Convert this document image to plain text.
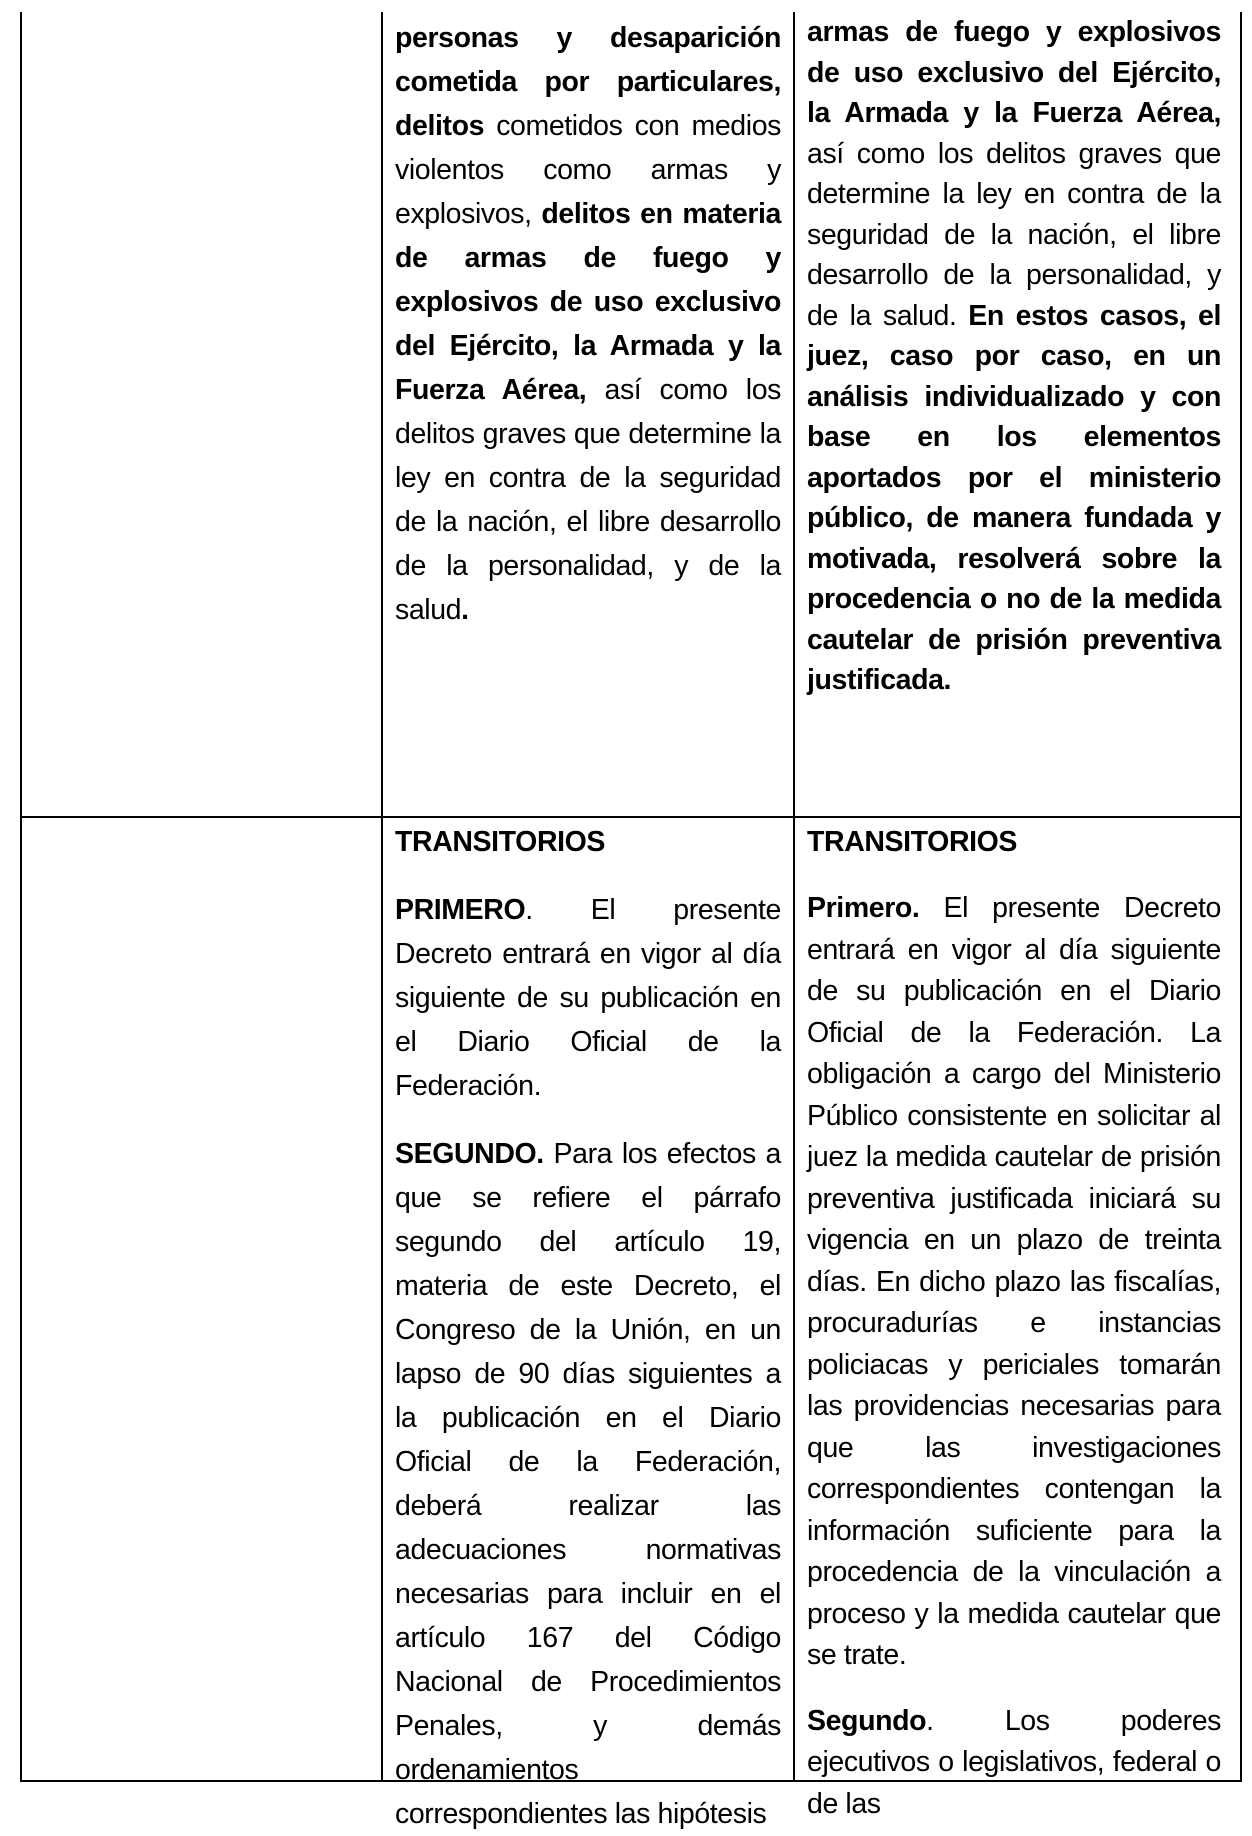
personas y desaparición cometida por particulares, delitos cometidos con medios violentos como armas y explosivos, delitos en materia de armas de fuego y explosivos de uso exclusivo del Ejército, la Armada y la Fuerza Aérea, así como los delitos graves que determine la ley en contra de la seguridad de la nación, el libre desarrollo de la personalidad, y de la salud.

armas de fuego y explosivos de uso exclusivo del Ejército, la Armada y la Fuerza Aérea, así como los delitos graves que determine la ley en contra de la seguridad de la nación, el libre desarrollo de la personalidad, y de la salud. En estos casos, el juez, caso por caso, en un análisis individualizado y con base en los elementos aportados por el ministerio público, de manera fundada y motivada, resolverá sobre la procedencia o no de la medida cautelar de prisión preventiva justificada.

TRANSITORIOS

PRIMERO. El presente Decreto entrará en vigor al día siguiente de su publicación en el Diario Oficial de la Federación.

SEGUNDO. Para los efectos a que se refiere el párrafo segundo del artículo 19, materia de este Decreto, el Congreso de la Unión, en un lapso de 90 días siguientes a la publicación en el Diario Oficial de la Federación, deberá realizar las adecuaciones normativas necesarias para incluir en el artículo 167 del Código Nacional de Procedimientos Penales, y demás ordenamientos correspondientes las hipótesis

TRANSITORIOS

Primero. El presente Decreto entrará en vigor al día siguiente de su publicación en el Diario Oficial de la Federación. La obligación a cargo del Ministerio Público consistente en solicitar al juez la medida cautelar de prisión preventiva justificada iniciará su vigencia en un plazo de treinta días. En dicho plazo las fiscalías, procuradurías e instancias policiacas y periciales tomarán las providencias necesarias para que las investigaciones correspondientes contengan la información suficiente para la procedencia de la vinculación a proceso y la medida cautelar que se trate.

Segundo. Los poderes ejecutivos o legislativos, federal o de las
